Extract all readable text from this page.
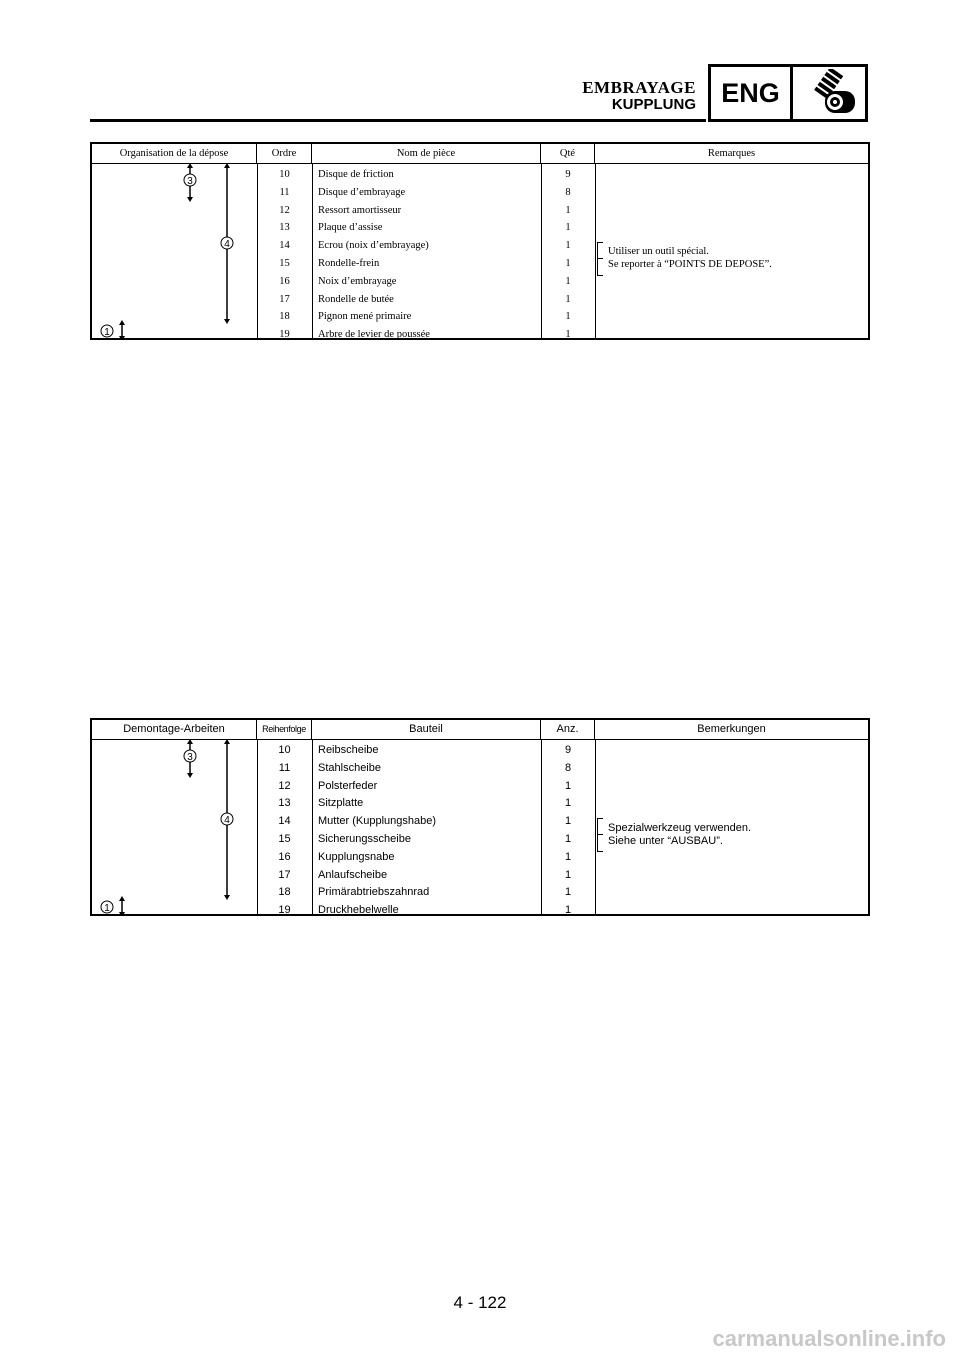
EMBRAYAGE
KUPPLUNG ENG
Organisation de la dépose	Ordre	Nom de pièce	Qté	Remarques
3
4
1
10	Disque de friction	9
11	Disque d’embrayage	8
12	Ressort amortisseur	1
13	Plaque d’assise	1
14	Ecrou (noix d’embrayage)	1
15	Rondelle-frein	1
16	Noix d’embrayage	1
17	Rondelle de butée	1
18	Pignon mené primaire	1
19	Arbre de levier de poussée	1
Utiliser un outil spécial.
Se reporter à “POINTS DE DEPOSE”.
Demontage-Arbeiten	Reihenfolge	Bauteil	Anz.	Bemerkungen
3
4
1
10	Reibscheibe	9
11	Stahlscheibe	8
12	Polsterfeder	1
13	Sitzplatte	1
14	Mutter (Kupplungshabe)	1
15	Sicherungsscheibe	1
16	Kupplungsnabe	1
17	Anlaufscheibe	1
18	Primärabtriebszahnrad	1
19	Druckhebelwelle	1
Spezialwerkzeug verwenden.
Siehe unter “AUSBAU”.
4 - 122
carmanualsonline.info
